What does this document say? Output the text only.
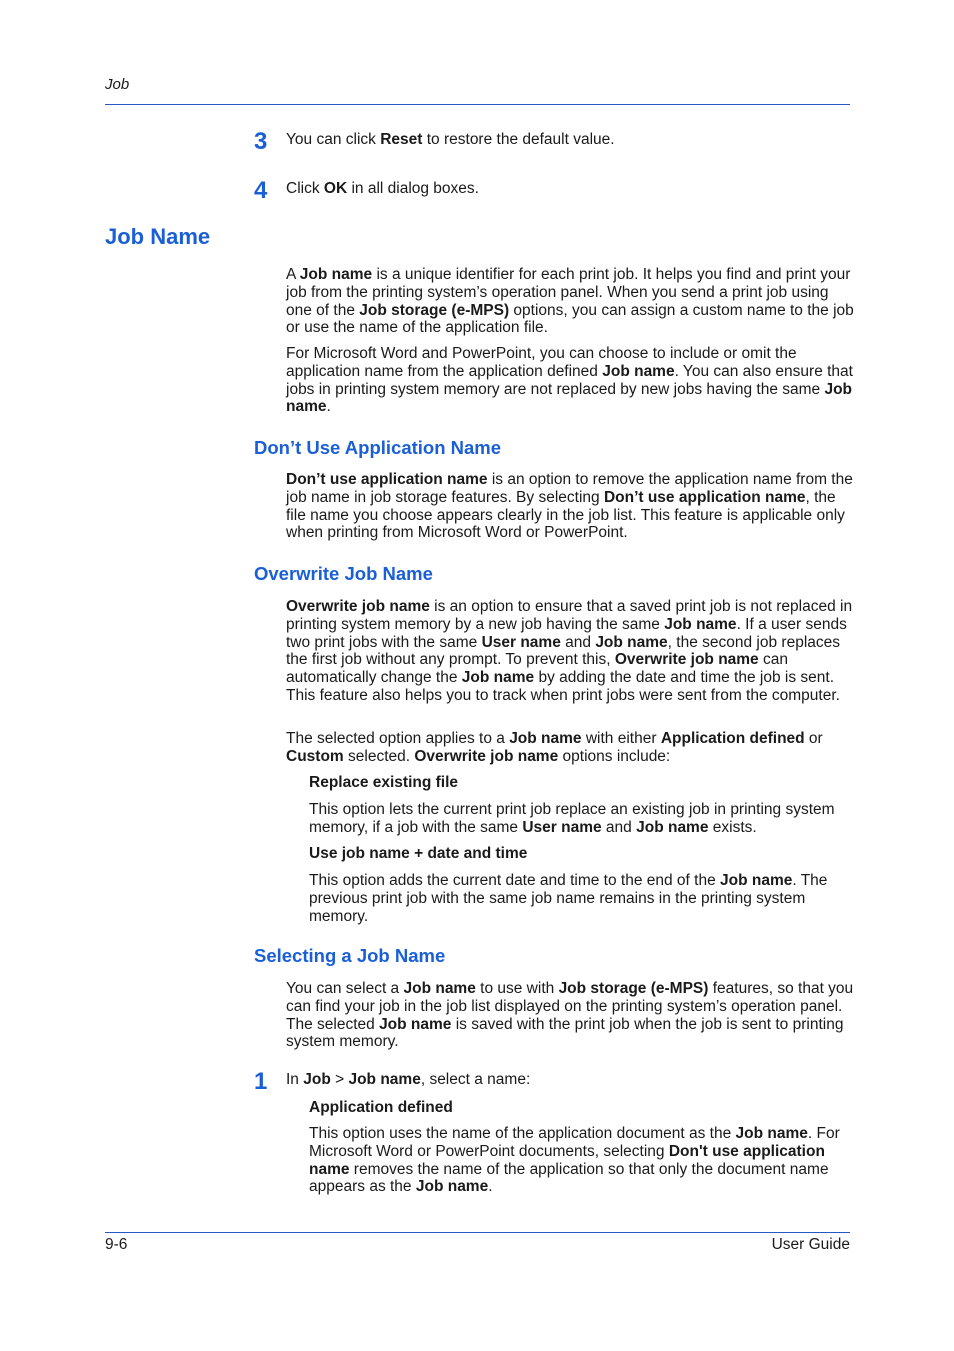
Job
3 You can click Reset to restore the default value.
4 Click OK in all dialog boxes.
Job Name

A Job name is a unique identifier for each print job. It helps you find and print your job from the printing system’s operation panel. When you send a print job using one of the Job storage (e-MPS) options, you can assign a custom name to the job or use the name of the application file.

For Microsoft Word and PowerPoint, you can choose to include or omit the application name from the application defined Job name. You can also ensure that jobs in printing system memory are not replaced by new jobs having the same Job name.

Don’t Use Application Name

Don’t use application name is an option to remove the application name from the job name in job storage features. By selecting Don’t use application name, the file name you choose appears clearly in the job list. This feature is applicable only when printing from Microsoft Word or PowerPoint.

Overwrite Job Name

Overwrite job name is an option to ensure that a saved print job is not replaced in printing system memory by a new job having the same Job name. If a user sends two print jobs with the same User name and Job name, the second job replaces the first job without any prompt. To prevent this, Overwrite job name can automatically change the Job name by adding the date and time the job is sent. This feature also helps you to track when print jobs were sent from the computer.

The selected option applies to a Job name with either Application defined or Custom selected. Overwrite job name options include:

Replace existing file

This option lets the current print job replace an existing job in printing system memory, if a job with the same User name and Job name exists.

Use job name + date and time

This option adds the current date and time to the end of the Job name. The previous print job with the same job name remains in the printing system memory.

Selecting a Job Name

You can select a Job name to use with Job storage (e-MPS) features, so that you can find your job in the job list displayed on the printing system’s operation panel. The selected Job name is saved with the print job when the job is sent to printing system memory.

1 In Job > Job name, select a name:

Application defined

This option uses the name of the application document as the Job name. For Microsoft Word or PowerPoint documents, selecting Don't use application name removes the name of the application so that only the document name appears as the Job name.

9-6	User Guide
